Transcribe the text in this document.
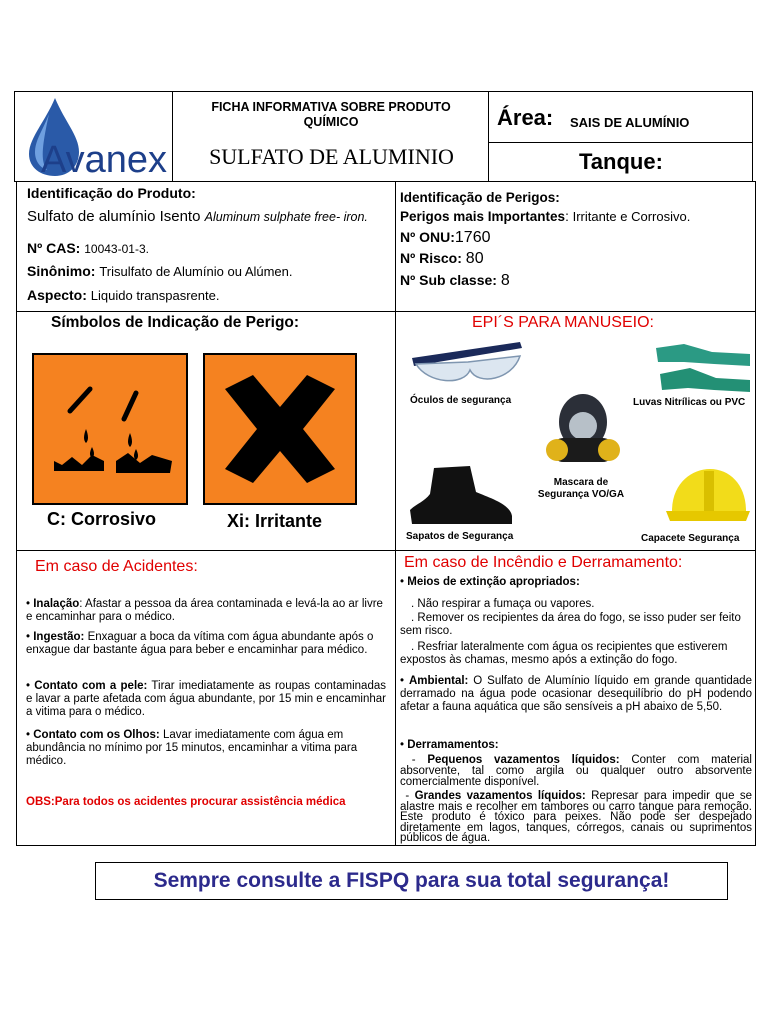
Avanex
FICHA INFORMATIVA SOBRE PRODUTO QUÍMICO
SULFATO DE ALUMINIO
Área: SAIS DE ALUMÍNIO
Tanque:
Identificação do Produto:
Sulfato de alumínio Isento Aluminum sulphate free- iron.
Nº CAS: 10043-01-3.
Sinônimo: Trisulfato de Alumínio ou Alúmen.
Aspecto: Liquido transpasrente.
Identificação de Perigos:
Perigos mais Importantes: Irritante e Corrosivo.
Nº ONU:1760
Nº Risco: 80
Nº Sub classe: 8
Símbolos de Indicação de Perigo:
C: Corrosivo	Xi: Irritante
EPI´S PARA MANUSEIO:
Óculos de segurança	Luvas Nitrílicas ou PVC
Mascara de Segurança VO/GA
Sapatos de Segurança	Capacete Segurança
Em caso de Acidentes:

• Inalação: Afastar a pessoa da área contaminada e levá-la ao ar livre e encaminhar para o médico.

• Ingestão: Enxaguar a boca da vítima com água abundante após o enxague dar bastante água para beber e encaminhar para médico.

• Contato com a pele: Tirar imediatamente as roupas contaminadas e lavar a parte afetada com água abundante, por 15 min e encaminhar a vitima para o médico.

• Contato com os Olhos: Lavar imediatamente com água em abundância no mínimo por 15 minutos, encaminhar a vitima para médico.

OBS:Para todos os acidentes procurar assistência médica

Em caso de Incêndio e Derramamento:

• Meios de extinção apropriados:

. Não respirar a fumaça ou vapores.

. Remover os recipientes da área do fogo, se isso puder ser feito sem risco.

. Resfriar lateralmente com água os recipientes que estiverem expostos às chamas, mesmo após a extinção do fogo.

• Ambiental: O Sulfato de Alumínio líquido em grande quantidade derramado na água pode ocasionar desequilíbrio do pH podendo afetar a fauna aquática que são sensíveis a pH abaixo de 5,50.

• Derramamentos:

- Pequenos vazamentos líquidos: Conter com material absorvente, tal como argila ou qualquer outro absorvente comercialmente disponível.

- Grandes vazamentos líquidos: Represar para impedir que se alastre mais e recolher em tambores ou carro tanque para remoção. Este produto é tóxico para peixes. Não pode ser despejado diretamente em lagos, tanques, córregos, canais ou suprimentos públicos de água.

Sempre consulte a FISPQ para sua total segurança!
